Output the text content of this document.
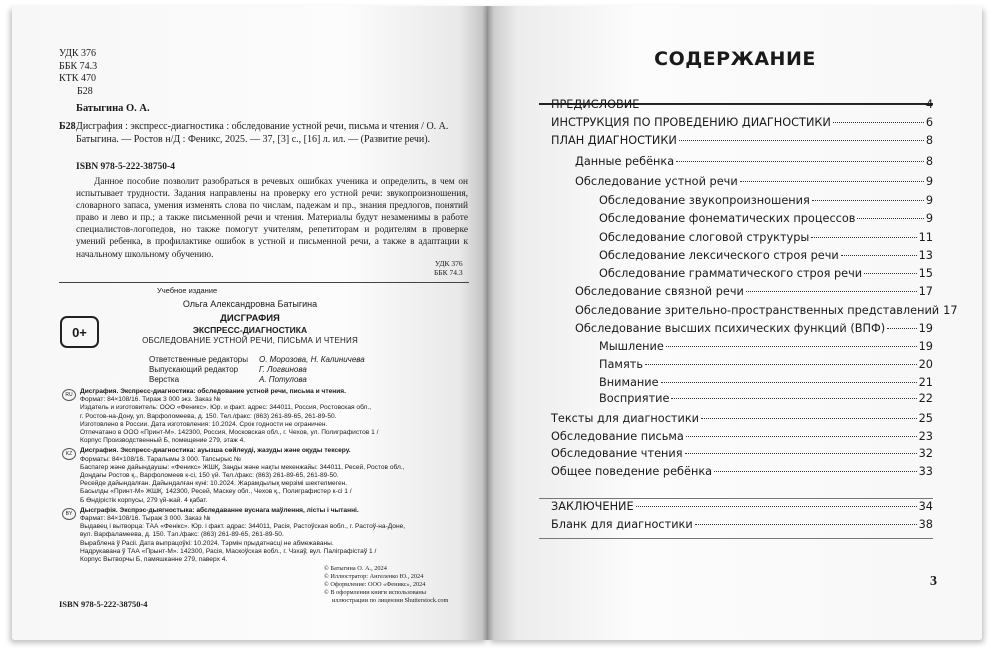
УДК 376
ББК 74.3
КТК 470
Б28
Батыгина О. А.
Б28 Дисграфия : экспресс-диагностика : обследование устной речи, письма и чтения / О. А. Батыгина. — Ростов н/Д : Феникс, 2025. — 37, [3] с., [16] л. ил. — (Развитие речи).
ISBN 978-5-222-38750-4
Данное пособие позволит разобраться в речевых ошибках ученика и определить, в чем он испытывает трудности. Задания направлены на проверку его устной речи: звукопроизношения, словарного запаса, умения изменять слова по числам, падежам и пр., знания предлогов, понятий право и лево и пр.; а также письменной речи и чтения. Материалы будут незаменимы в работе специалистов-логопедов, но также помогут учителям, репетиторам и родителям в проверке умений ребенка, в профилактике ошибок в устной и письменной речи, а также в адаптации к начальному школьному обучению.
УДК 376
ББК 74.3
Учебное издание
Ольга Александровна Батыгина
0+
ДИСГРАФИЯ
ЭКСПРЕСС-ДИАГНОСТИКА
ОБСЛЕДОВАНИЕ УСТНОЙ РЕЧИ, ПИСЬМА И ЧТЕНИЯ
Ответственные редакторы	О. Морозова, Н. Калиничева
Выпускающий редактор	Г. Логвинова
Верстка	А. Потулова
RU	Дисграфия. Экспресс-диагностика: обследование устной речи, письма и чтения.
Формат: 84×108/16. Тираж 3 000 экз. Заказ №
Издатель и изготовитель: ООО «Феникс». Юр. и факт. адрес: 344011, Россия, Ростовская обл.,
г. Ростов-на-Дону, ул. Варфоломеева, д. 150. Тел./факс: (863) 261-89-65, 261-89-50.
Изготовлено в России. Дата изготовления: 10.2024. Срок годности не ограничен.
Отпечатано в ООО «Принт-М». 142300, Россия, Московская обл., г. Чехов, ул. Полиграфистов 1 /
Корпус Производственный Б, помещение 279, этаж 4.
KZ	Дисграфия. Экспресс-диагностика: ауызша сөйлеуді, жазуды және оқуды тексеру.
Форматы: 84×108/16. Таралымы 3 000. Тапсырыс №
Баспагер және дайындаушы: «Феникс» ЖШҚ, Заңды және нақты мекенжайы: 344011, Ресей, Ростов обл.,
Доңдағы Ростов қ., Варфоломеев к-сі, 150 үй. Тел./факс: (863) 261-89-65, 261-89-50.
Ресейде дайындалған. Дайындалған күні: 10.2024. Жарамдылық мерзімі шектелмеген.
Басылды «Принт-М» ЖШҚ. 142300, Ресей, Маскеу обл., Чехов қ., Полиграфистер к-сі 1 /
Б Өндірістік корпусы, 279 үй-жай. 4 қабат.
BY	Дысграфія. Экспрэс-дыягностыка: абследаванне вуснага маўлення, лісты і чытанні.
Фармат: 84×108/16. Тыраж 3 000. Заказ №
Выдавец і вытворца: ТАА «Фенікс». Юр. і факт. адрас: 344011, Расія, Растоўская вобл., г. Растоў-на-Доне,
вул. Варфаламеева, д. 150. Тэл./факс: (863) 261-89-65, 261-89-50.
Выраблена ў Расіі. Дата выпрацоўкі: 10.2024. Тэрмін прыдатнасці не абмежаваны.
Надрукавана ў ТАА «Прынт-М». 142300, Расія, Маскоўская вобл., г. Чэхаў, вул. Паліграфістаў 1 /
Корпус Вытворчы Б, памяшканне 279, паверх 4.
© Батыгина О. А., 2024
© Иллюстратор: Ангеленко Ю., 2024
© Оформление: ООО «Феникс», 2024
© В оформлении книги использованы
иллюстрации по лицензии Shutterstock.com
ISBN 978-5-222-38750-4
СОДЕРЖАНИЕ
ПРЕДИСЛОВИЕ	4
ИНСТРУКЦИЯ ПО ПРОВЕДЕНИЮ ДИАГНОСТИКИ	6
ПЛАН ДИАГНОСТИКИ	8
Данные ребёнка	8
Обследование устной речи	9
Обследование звукопроизношения	9
Обследование фонематических процессов	9
Обследование слоговой структуры	11
Обследование лексического строя речи	13
Обследование грамматического строя речи	15
Обследование связной речи	17
Обследование зрительно-пространственных представлений 17
Обследование высших психических функций (ВПФ)	19
Мышление	19
Память	20
Внимание	21
Восприятие	22
Тексты для диагностики	25
Обследование письма	23
Обследование чтения	32
Общее поведение ребёнка	33
ЗАКЛЮЧЕНИЕ	34
Бланк для диагностики	38
3
